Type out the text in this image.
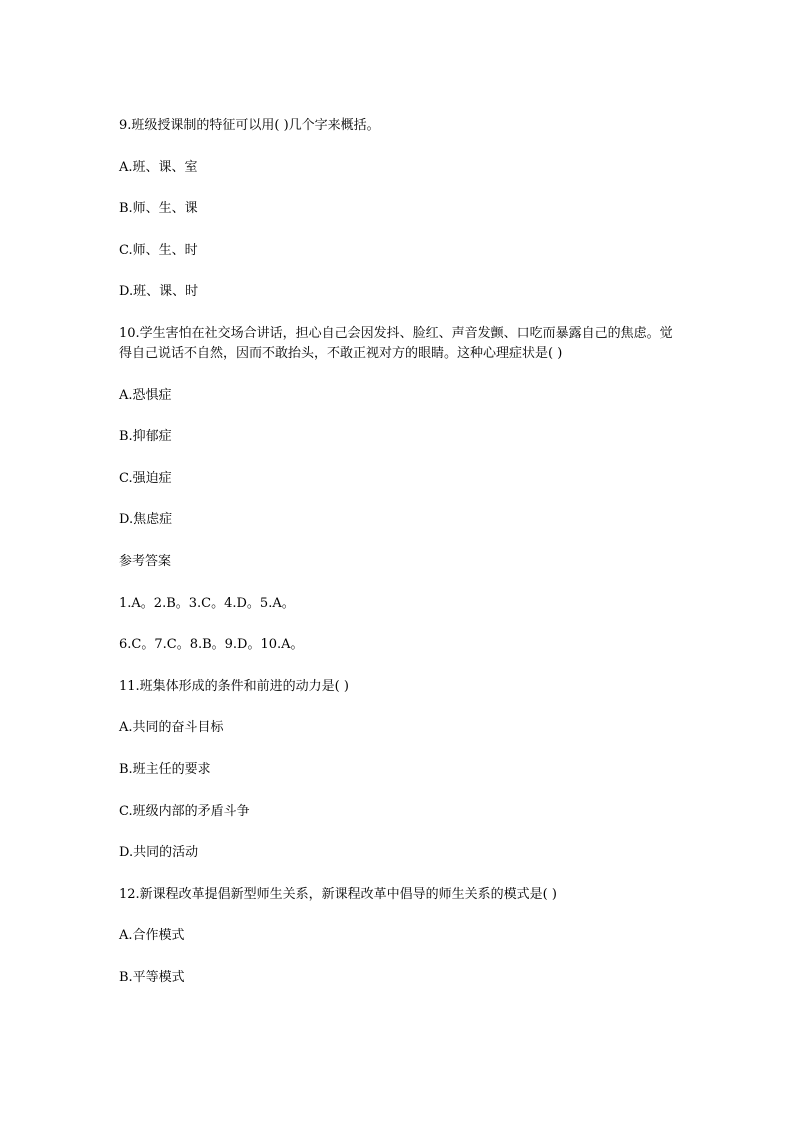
9.班级授课制的特征可以用( )几个字来概括。

A.班、课、室

B.师、生、课

C.师、生、时

D.班、课、时

10.学生害怕在社交场合讲话，担心自己会因发抖、脸红、声音发颤、口吃而暴露自己的焦虑。觉得自己说话不自然，因而不敢抬头，不敢正视对方的眼睛。这种心理症状是( )

A.恐惧症

B.抑郁症

C.强迫症

D.焦虑症

参考答案

1.A。2.B。3.C。4.D。5.A。

6.C。7.C。8.B。9.D。10.A。

11.班集体形成的条件和前进的动力是( )

A.共同的奋斗目标

B.班主任的要求

C.班级内部的矛盾斗争

D.共同的活动

12.新课程改革提倡新型师生关系，新课程改革中倡导的师生关系的模式是( )

A.合作模式

B.平等模式
